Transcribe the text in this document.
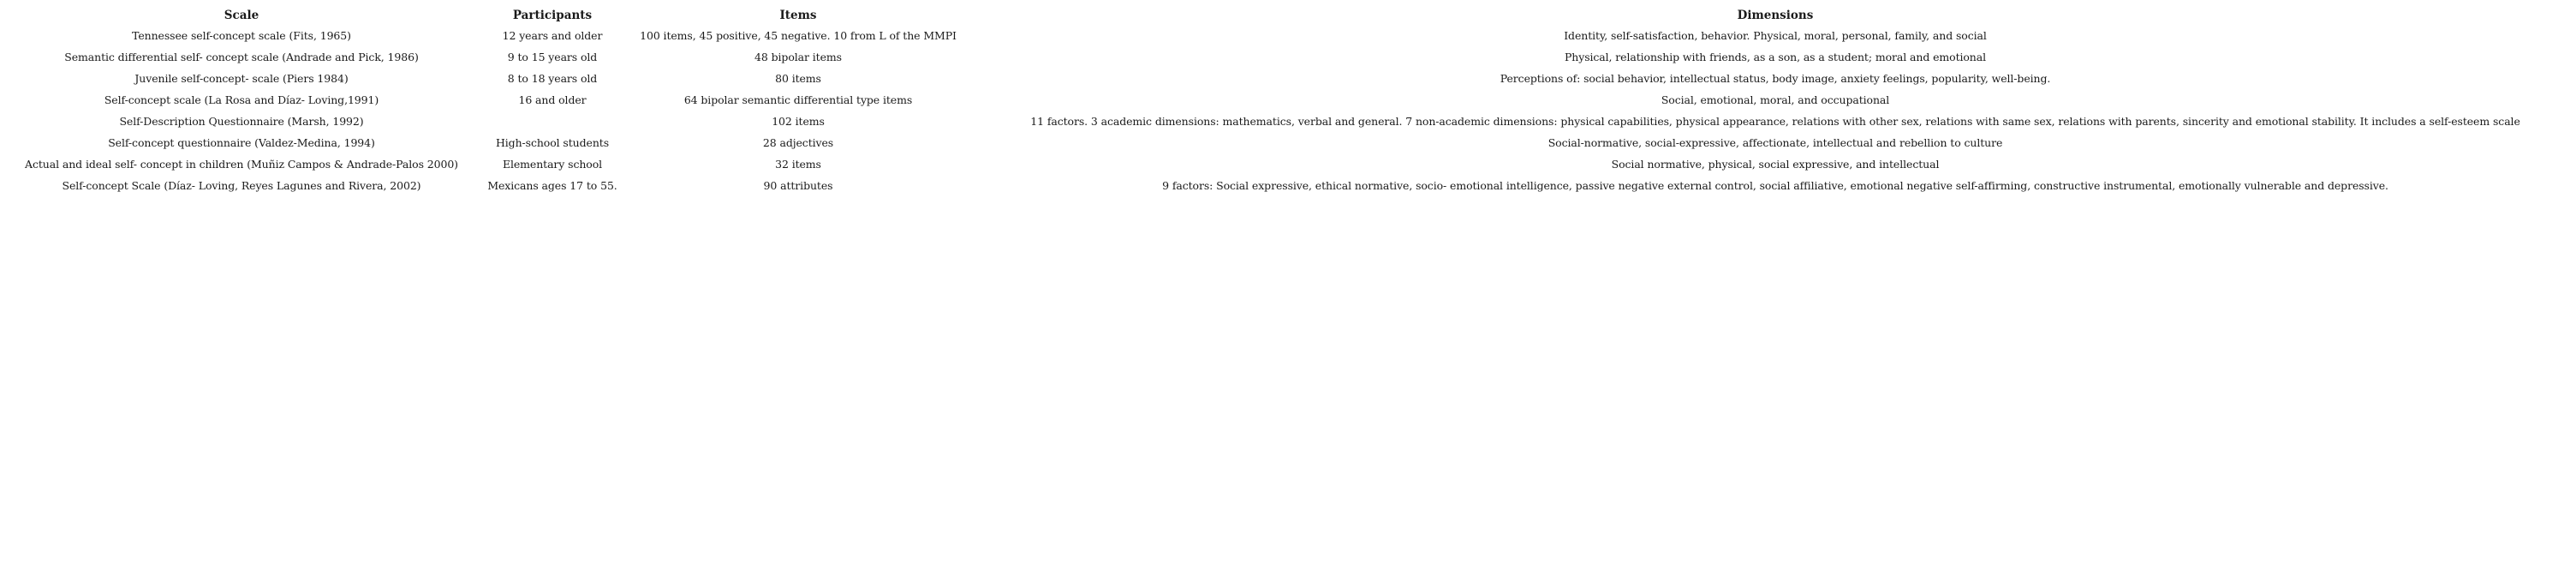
Scale	Participants	Items	Dimensions
Tennessee self-concept scale (Fits, 1965)	12 years and older	100 items, 45 positive, 45 negative. 10 from L of the MMPI	Identity, self-satisfaction, behavior. Physical, moral, personal, family, and social
Semantic differential self- concept scale (Andrade and Pick, 1986)	9 to 15 years old	48 bipolar items	Physical, relationship with friends, as a son, as a student; moral and emotional
Juvenile self-concept- scale (Piers 1984)	8 to 18 years old	80 items	Perceptions of: social behavior, intellectual status, body image, anxiety feelings, popularity, well-being.
Self-concept scale (La Rosa and Díaz- Loving,1991)	16 and older	64 bipolar semantic differential type items	Social, emotional, moral, and occupational
Self-Description Questionnaire (Marsh, 1992)		102 items	11 factors. 3 academic dimensions: mathematics, verbal and general. 7 non-academic dimensions: physical capabilities, physical appearance, relations with other sex, relations with same sex, relations with parents, sincerity and emotional stability. It includes a self-esteem scale
Self-concept questionnaire (Valdez-Medina, 1994)	High-school students	28 adjectives	Social-normative, social-expressive, affectionate, intellectual and rebellion to culture
Actual and ideal self- concept in children (Muñiz Campos & Andrade-Palos 2000)	Elementary school	32 items	Social normative, physical, social expressive, and intellectual
Self-concept Scale (Díaz- Loving, Reyes Lagunes and Rivera, 2002)	Mexicans ages 17 to 55.	90 attributes	9 factors: Social expressive, ethical normative, socio- emotional intelligence, passive negative external control, social affiliative, emotional negative self-affirming, constructive instrumental, emotionally vulnerable and depressive.
